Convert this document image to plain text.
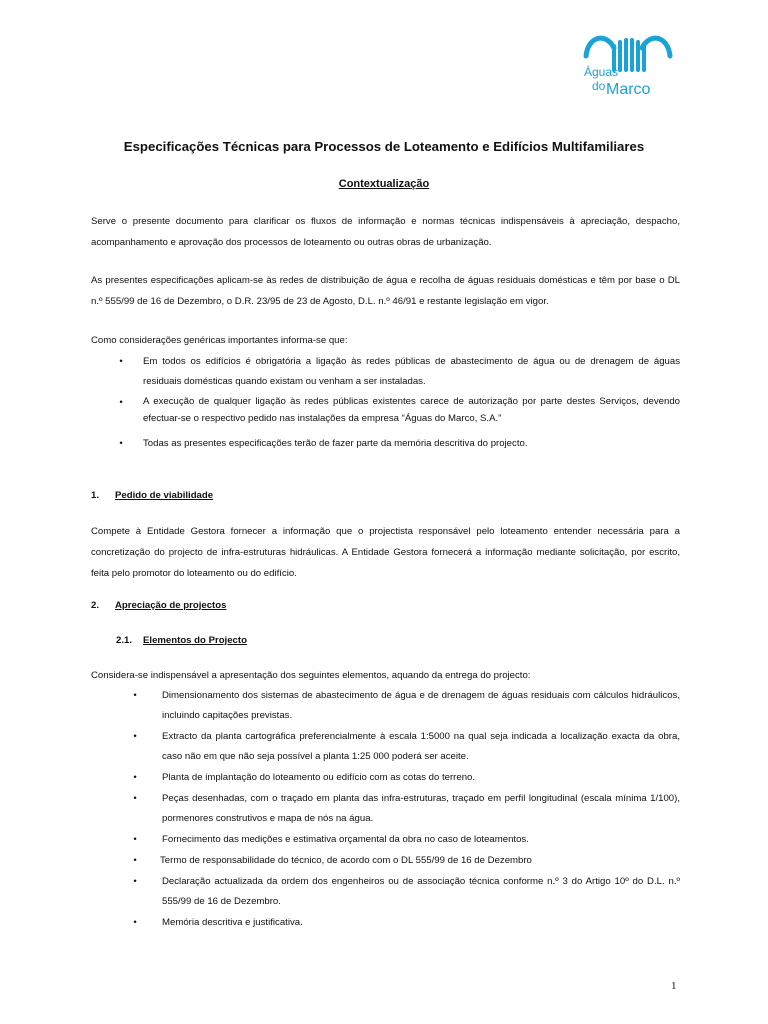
Águas
do Marco
Especificações Técnicas para Processos de Loteamento e Edifícios Multifamiliares
Contextualização
Serve o presente documento para clarificar os fluxos de informação e normas técnicas indispensáveis à apreciação, despacho, acompanhamento e aprovação dos processos de loteamento ou outras obras de urbanização.
As presentes especificações aplicam-se às redes de distribuição de água e recolha de águas residuais domésticas e têm por base o DL n.º 555/99 de 16 de Dezembro, o D.R. 23/95 de 23 de Agosto, D.L. n.º 46/91 e restante legislação em vigor.
Como considerações genéricas importantes informa-se que:
•	Em todos os edifícios é obrigatória a ligação às redes públicas de abastecimento de água ou de drenagem de águas residuais domésticas quando existam ou venham a ser instaladas.
•	A execução de qualquer ligação às redes públicas existentes carece de autorização por parte destes Serviços, devendo efectuar-se o respectivo pedido nas instalações da empresa “Águas do Marco, S.A.”
•	Todas as presentes especificações terão de fazer parte da memória descritiva do projecto.
1. Pedido de viabilidade
Compete à Entidade Gestora fornecer a informação que o projectista responsável pelo loteamento entender necessária para a concretização do projecto de infra-estruturas hidráulicas. A Entidade Gestora fornecerá a informação mediante solicitação, por escrito, feita pelo promotor do loteamento ou do edifício.
2. Apreciação de projectos
2.1. Elementos do Projecto
Considera-se indispensável a apresentação dos seguintes elementos, aquando da entrega do projecto:
•	Dimensionamento dos sistemas de abastecimento de água e de drenagem de águas residuais com cálculos hidráulicos, incluindo capitações previstas.
•	Extracto da planta cartográfica preferencialmente à escala 1:5000 na qual seja indicada a localização exacta da obra, caso não em que não seja possível a planta 1:25 000 poderá ser aceite.
•	Planta de implantação do loteamento ou edifício com as cotas do terreno.
•	Peças desenhadas, com o traçado em planta das infra-estruturas, traçado em perfil longitudinal (escala mínima 1/100), pormenores construtivos e mapa de nós na água.
•	Fornecimento das medições e estimativa orçamental da obra no caso de loteamentos.
•	Termo de responsabilidade do técnico, de acordo com o DL 555/99 de 16 de Dezembro
•	Declaração actualizada da ordem dos engenheiros ou de associação técnica conforme n.º 3 do Artigo 10º do D.L. n.º 555/99 de 16 de Dezembro.
•	Memória descritiva e justificativa.
1
